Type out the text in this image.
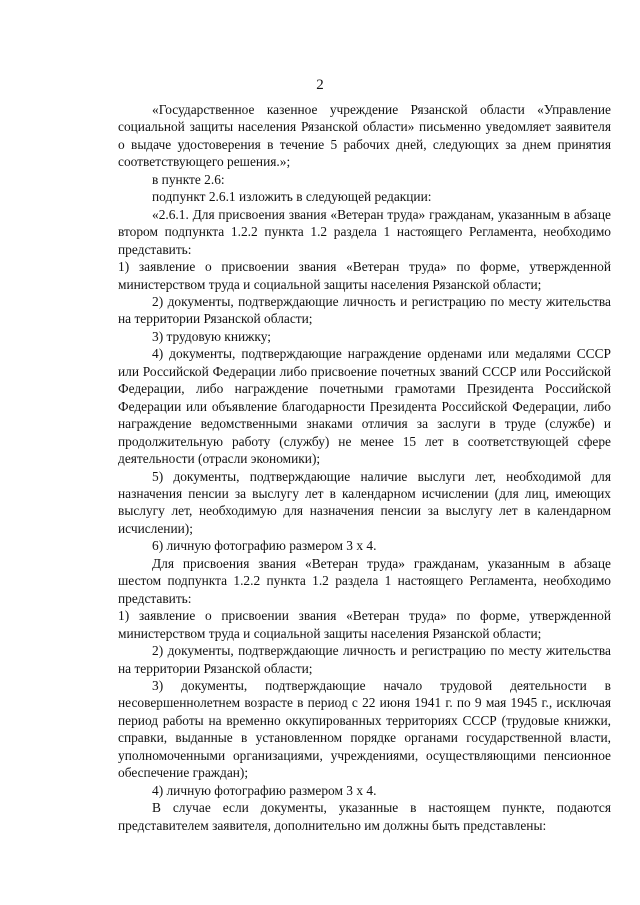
2

«Государственное казенное учреждение Рязанской области «Управление социальной защиты населения Рязанской области» письменно уведомляет заявителя о выдаче удостоверения в течение 5 рабочих дней, следующих за днем принятия соответствующего решения.»;

в пункте 2.6:

подпункт 2.6.1 изложить в следующей редакции:

«2.6.1. Для присвоения звания «Ветеран труда» гражданам, указанным в абзаце втором подпункта 1.2.2 пункта 1.2 раздела 1 настоящего Регламента, необходимо представить:

1) заявление о присвоении звания «Ветеран труда» по форме, утвержденной министерством труда и социальной защиты населения Рязанской области;

2) документы, подтверждающие личность и регистрацию по месту жительства на территории Рязанской области;

3) трудовую книжку;

4) документы, подтверждающие награждение орденами или медалями СССР или Российской Федерации либо присвоение почетных званий СССР или Российской Федерации, либо награждение почетными грамотами Президента Российской Федерации или объявление благодарности Президента Российской Федерации, либо награждение ведомственными знаками отличия за заслуги в труде (службе) и продолжительную работу (службу) не менее 15 лет в соответствующей сфере деятельности (отрасли экономики);

5) документы, подтверждающие наличие выслуги лет, необходимой для назначения пенсии за выслугу лет в календарном исчислении (для лиц, имеющих выслугу лет, необходимую для назначения пенсии за выслугу лет в календарном исчислении);

6) личную фотографию размером 3 х 4.

Для присвоения звания «Ветеран труда» гражданам, указанным в абзаце шестом подпункта 1.2.2 пункта 1.2 раздела 1 настоящего Регламента, необходимо представить:

1) заявление о присвоении звания «Ветеран труда» по форме, утвержденной министерством труда и социальной защиты населения Рязанской области;

2) документы, подтверждающие личность и регистрацию по месту жительства на территории Рязанской области;

3) документы, подтверждающие начало трудовой деятельности в несовершеннолетнем возрасте в период с 22 июня 1941 г. по 9 мая 1945 г., исключая период работы на временно оккупированных территориях СССР (трудовые книжки, справки, выданные в установленном порядке органами государственной власти, уполномоченными организациями, учреждениями, осуществляющими пенсионное обеспечение граждан);

4) личную фотографию размером 3 х 4.

В случае если документы, указанные в настоящем пункте, подаются представителем заявителя, дополнительно им должны быть представлены:
